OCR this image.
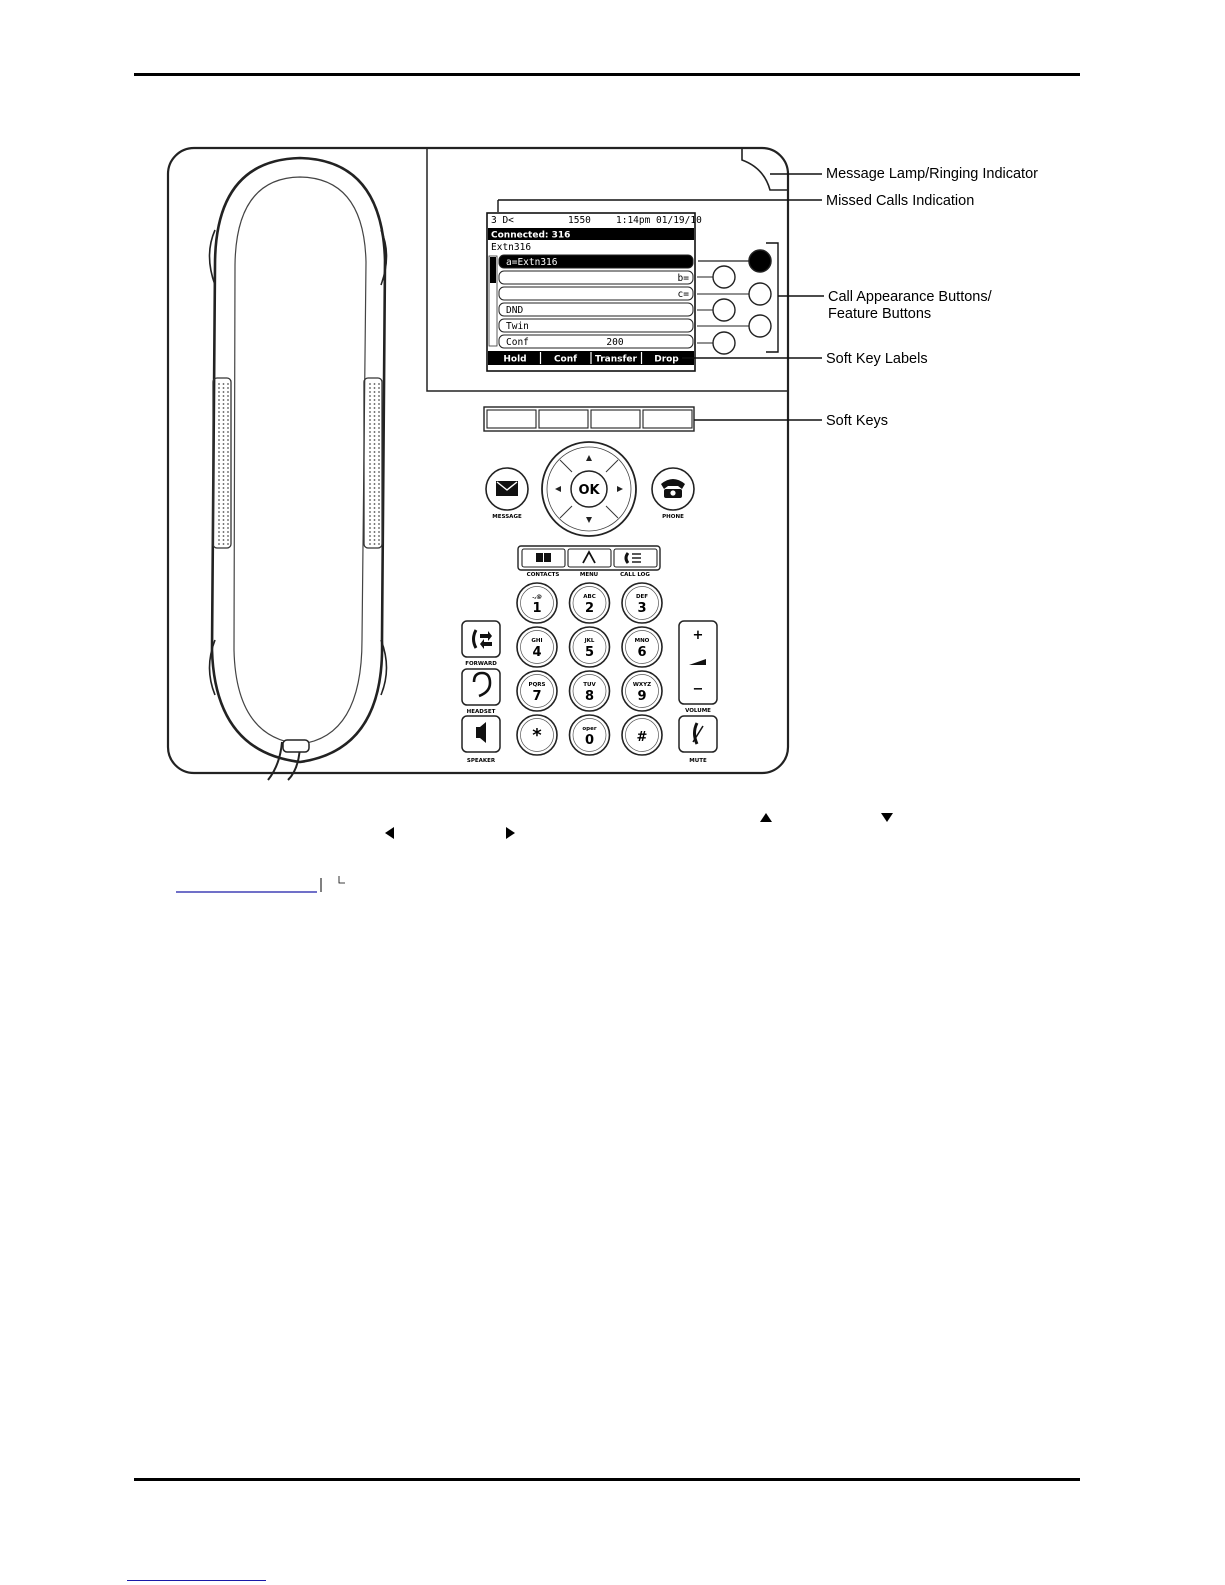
3 D<	1550	1:14pm 01/19/10
Connected: 316
Extn316
a=Extn316
b=
c=
DND
Twin
Conf	200
Hold	Conf Transfer Drop
OK
MESSAGE	PHONE
CONTACTS	MENU	CALL LOG
.,@
1
ABC
2
DEF
3
GHI
4
JKL
5
MNO
6
PQRS
7
TUV
8
WXYZ
9
*	oper
0	#
FORWARD
HEADSET
SPEAKER
+
−
VOLUME
MUTE
Message Lamp/Ringing Indicator
Missed Calls Indication
Call Appearance Buttons/
Feature Buttons
Soft Key Labels
Soft Keys
